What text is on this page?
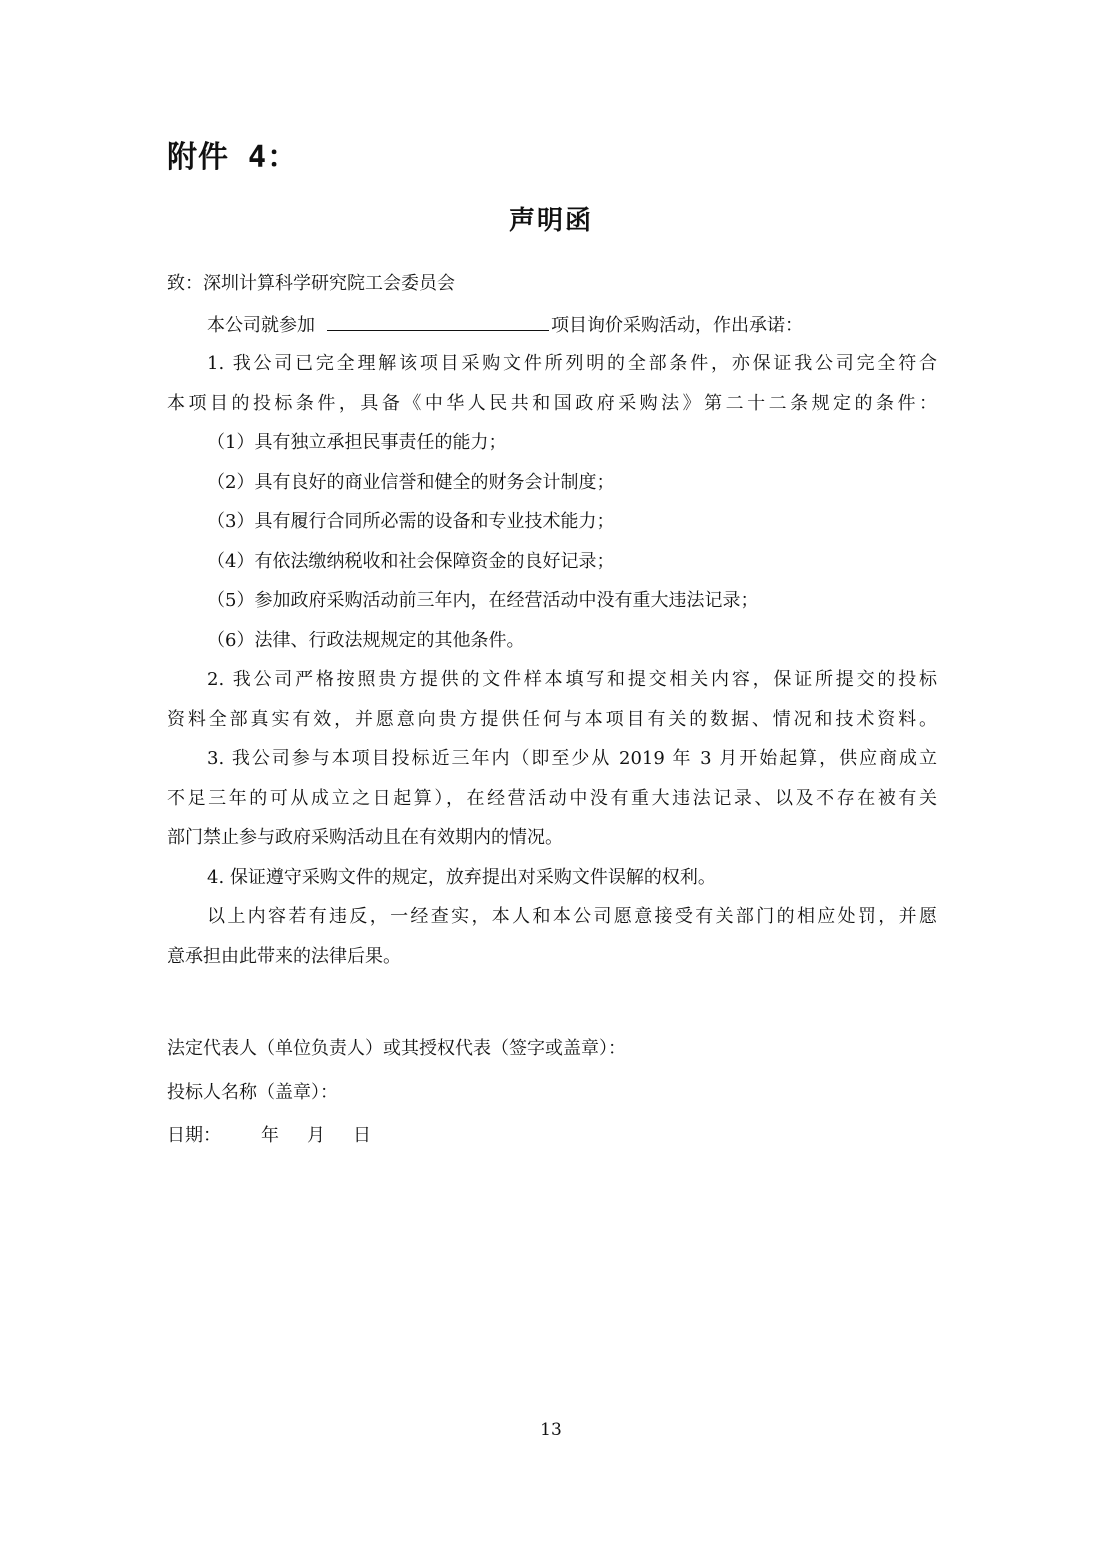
附件 4：
声明函
致：深圳计算科学研究院工会委员会
本公司就参加	项目询价采购活动，作出承诺：
1. 我公司已完全理解该项目采购文件所列明的全部条件，亦保证我公司完全符合
本项目的投标条件，具备《中华人民共和国政府采购法》第二十二条规定的条件：
（1）具有独立承担民事责任的能力；
（2）具有良好的商业信誉和健全的财务会计制度；
（3）具有履行合同所必需的设备和专业技术能力；
（4）有依法缴纳税收和社会保障资金的良好记录；
（5）参加政府采购活动前三年内，在经营活动中没有重大违法记录；
（6）法律、行政法规规定的其他条件。
2. 我公司严格按照贵方提供的文件样本填写和提交相关内容，保证所提交的投标
资料全部真实有效，并愿意向贵方提供任何与本项目有关的数据、情况和技术资料。
3. 我公司参与本项目投标近三年内（即至少从 2019 年 3 月开始起算，供应商成立
不足三年的可从成立之日起算），在经营活动中没有重大违法记录、以及不存在被有关
部门禁止参与政府采购活动且在有效期内的情况。
4. 保证遵守采购文件的规定，放弃提出对采购文件误解的权利。
以上内容若有违反，一经查实，本人和本公司愿意接受有关部门的相应处罚，并愿
意承担由此带来的法律后果。
法定代表人（单位负责人）或其授权代表（签字或盖章）：
投标人名称（盖章）：
日期： 年 月 日
13
